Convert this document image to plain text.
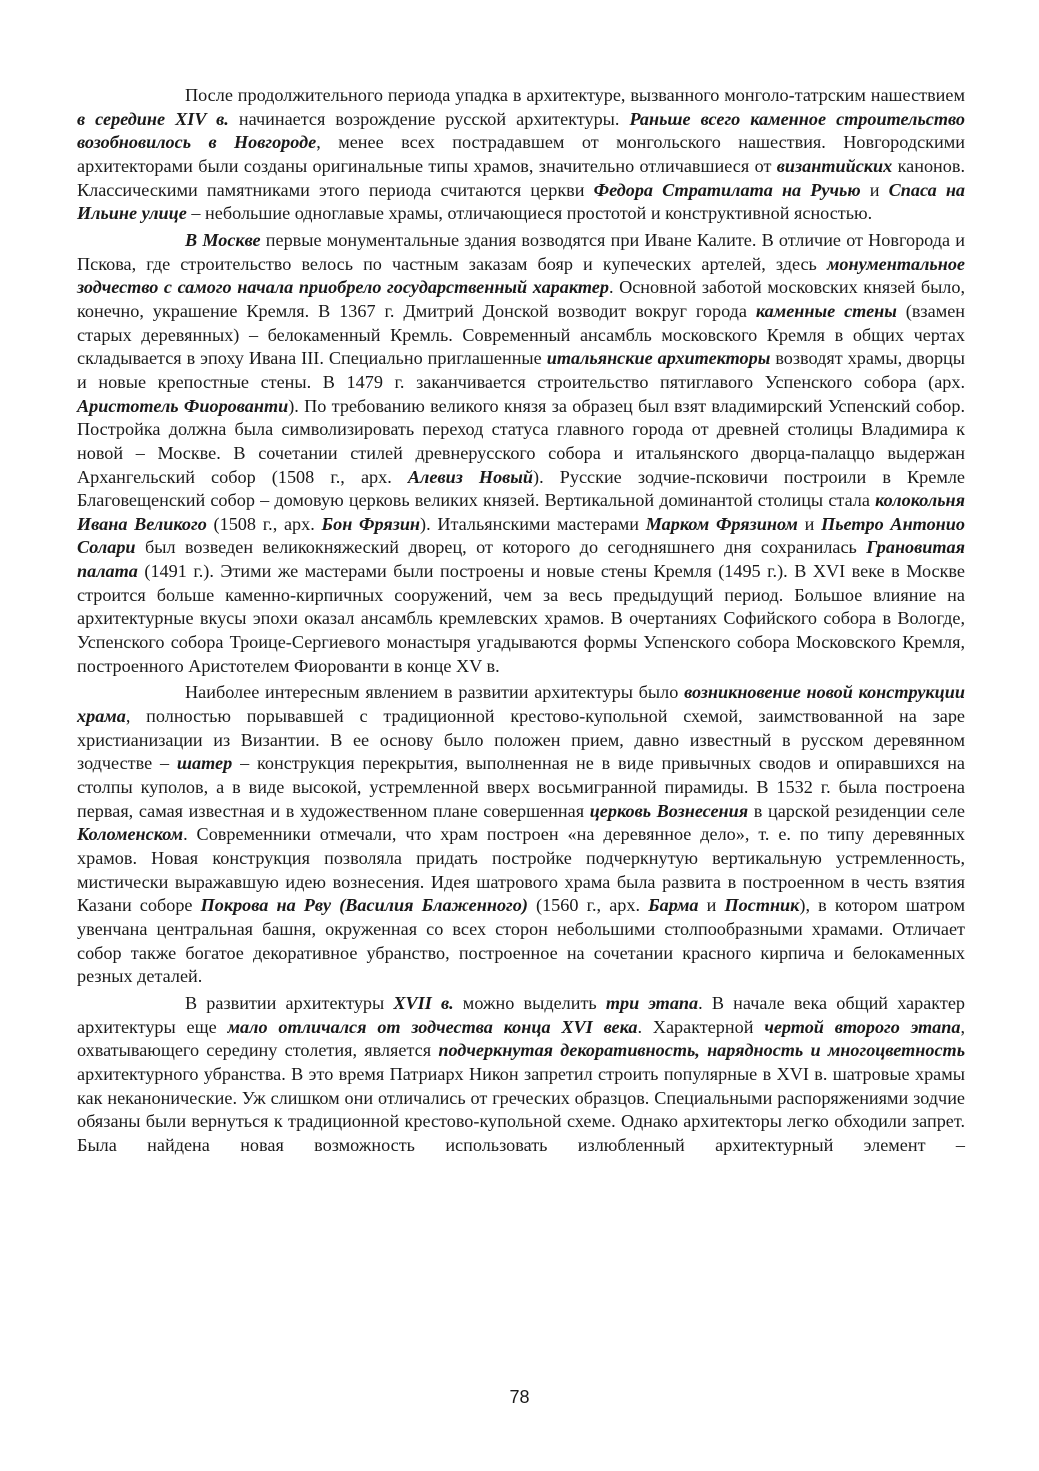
После продолжительного периода упадка в архитектуре, вызванного монголо-татрским нашествием в середине XIV в. начинается возрождение русской архитектуры. Раньше всего каменное строительство возобновилось в Новгороде, менее всех пострадавшем от монгольского нашествия. Новгородскими архитекторами были созданы оригинальные типы храмов, значительно отличавшиеся от византийских канонов. Классическими памятниками этого периода считаются церкви Федора Стратилата на Ручью и Спаса на Ильине улице – небольшие одноглавые храмы, отличающиеся простотой и конструктивной ясностью.

В Москве первые монументальные здания возводятся при Иване Калите. В отличие от Новгорода и Пскова, где строительство велось по частным заказам бояр и купеческих артелей, здесь монументальное зодчество с самого начала приобрело государственный характер. Основной заботой московских князей было, конечно, украшение Кремля. В 1367 г. Дмитрий Донской возводит вокруг города каменные стены (взамен старых деревянных) – белокаменный Кремль. Современный ансамбль московского Кремля в общих чертах складывается в эпоху Ивана III. Специально приглашенные итальянские архитекторы возводят храмы, дворцы и новые крепостные стены. В 1479 г. заканчивается строительство пятиглавого Успенского собора (арх. Аристотель Фиорованти). По требованию великого князя за образец был взят владимирский Успенский собор. Постройка должна была символизировать переход статуса главного города от древней столицы Владимира к новой – Москве. В сочетании стилей древнерусского собора и итальянского дворца-палаццо выдержан Архангельский собор (1508 г., арх. Алевиз Новый). Русские зодчие-псковичи построили в Кремле Благовещенский собор – домовую церковь великих князей. Вертикальной доминантой столицы стала колокольня Ивана Великого (1508 г., арх. Бон Фрязин). Итальянскими мастерами Марком Фрязином и Пьетро Антонио Солари был возведен великокняжеский дворец, от которого до сегодняшнего дня сохранилась Грановитая палата (1491 г.). Этими же мастерами были построены и новые стены Кремля (1495 г.). В XVI веке в Москве строится больше каменно-кирпичных сооружений, чем за весь предыдущий период. Большое влияние на архитектурные вкусы эпохи оказал ансамбль кремлевских храмов. В очертаниях Софийского собора в Вологде, Успенского собора Троице-Сергиевого монастыря угадываются формы Успенского собора Московского Кремля, построенного Аристотелем Фиорованти в конце XV в.

Наиболее интересным явлением в развитии архитектуры было возникновение новой конструкции храма, полностью порывавшей с традиционной крестово-купольной схемой, заимствованной на заре христианизации из Византии. В ее основу было положен прием, давно известный в русском деревянном зодчестве – шатер – конструкция перекрытия, выполненная не в виде привычных сводов и опиравшихся на столпы куполов, а в виде высокой, устремленной вверх восьмигранной пирамиды. В 1532 г. была построена первая, самая известная и в художественном плане совершенная церковь Вознесения в царской резиденции селе Коломенском. Современники отмечали, что храм построен «на деревянное дело», т. е. по типу деревянных храмов. Новая конструкция позволяла придать постройке подчеркнутую вертикальную устремленность, мистически выражавшую идею вознесения. Идея шатрового храма была развита в построенном в честь взятия Казани соборе Покрова на Рву (Василия Блаженного) (1560 г., арх. Барма и Постник), в котором шатром увенчана центральная башня, окруженная со всех сторон небольшими столпообразными храмами. Отличает собор также богатое декоративное убранство, построенное на сочетании красного кирпича и белокаменных резных деталей.

В развитии архитектуры XVII в. можно выделить три этапа. В начале века общий характер архитектуры еще мало отличался от зодчества конца XVI века. Характерной чертой второго этапа, охватывающего середину столетия, является подчеркнутая декоративность, нарядность и многоцветность архитектурного убранства. В это время Патриарх Никон запретил строить популярные в XVI в. шатровые храмы как неканонические. Уж слишком они отличались от греческих образцов. Специальными распоряжениями зодчие обязаны были вернуться к традиционной крестово-купольной схеме. Однако архитекторы легко обходили запрет. Была найдена новая возможность использовать излюбленный архитектурный элемент –

78
